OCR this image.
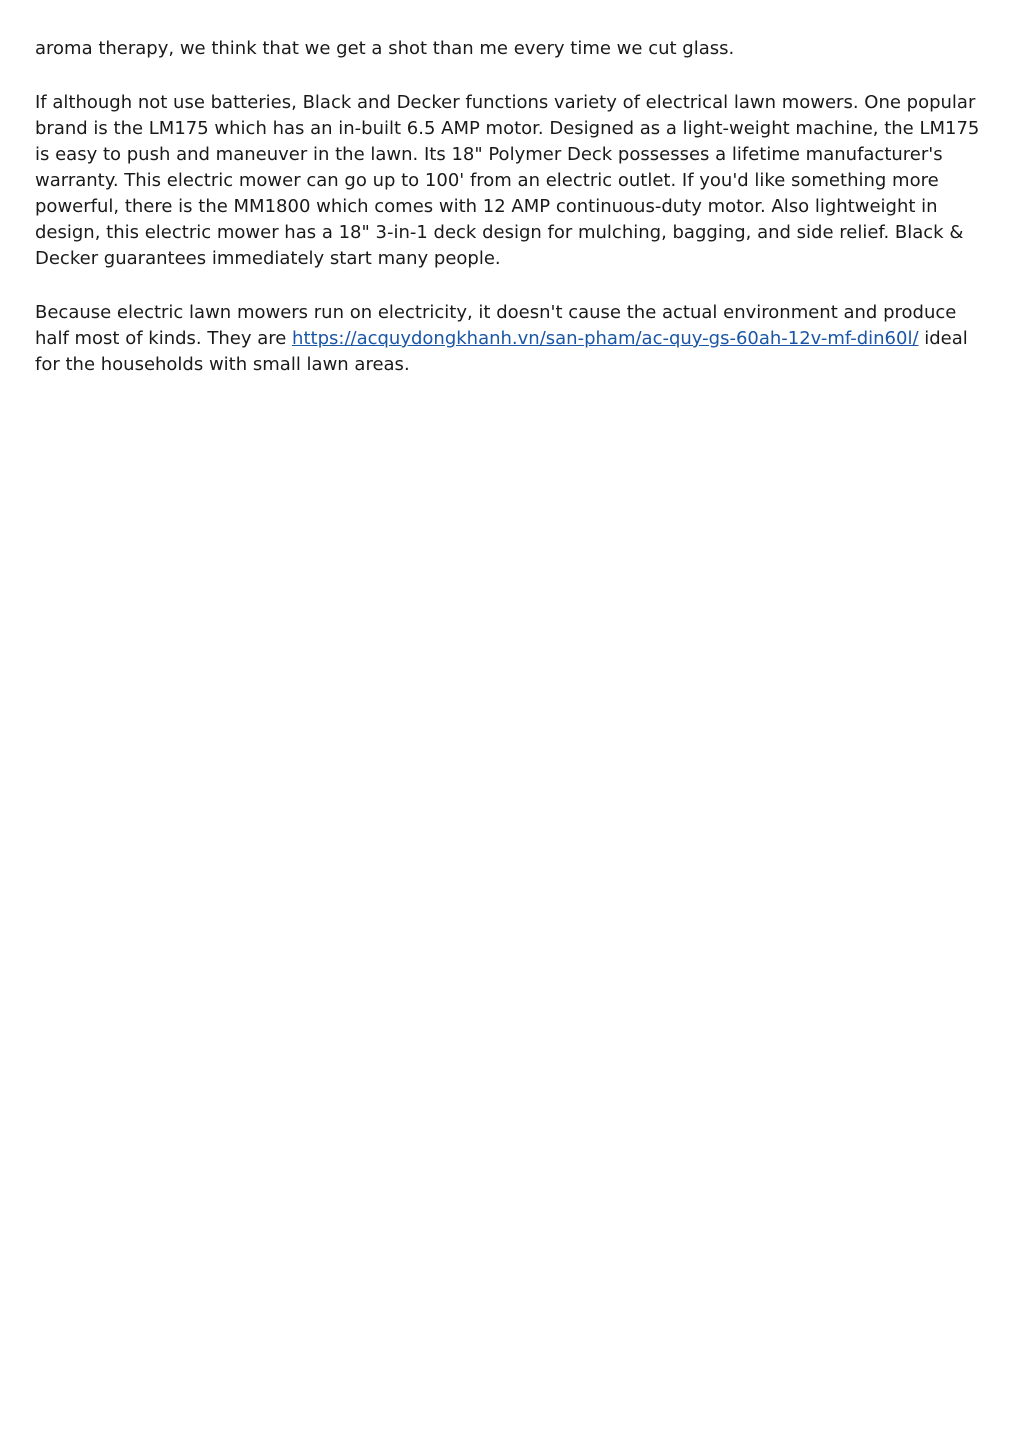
aroma therapy, we think that we get a shot than me every time we cut glass.

If although not use batteries, Black and Decker functions variety of electrical lawn mowers. One popular brand is the LM175 which has an in-built 6.5 AMP motor. Designed as a light-weight machine, the LM175 is easy to push and maneuver in the lawn. Its 18" Polymer Deck possesses a lifetime manufacturer's warranty. This electric mower can go up to 100' from an electric outlet. If you'd like something more powerful, there is the MM1800 which comes with 12 AMP continuous-duty motor. Also lightweight in design, this electric mower has a 18" 3-in-1 deck design for mulching, bagging, and side relief. Black & Decker guarantees immediately start many people.

Because electric lawn mowers run on electricity, it doesn't cause the actual environment and produce half most of kinds. They are https://acquydongkhanh.vn/san-pham/ac-quy-gs-60ah-12v-mf-din60l/ ideal for the households with small lawn areas.
